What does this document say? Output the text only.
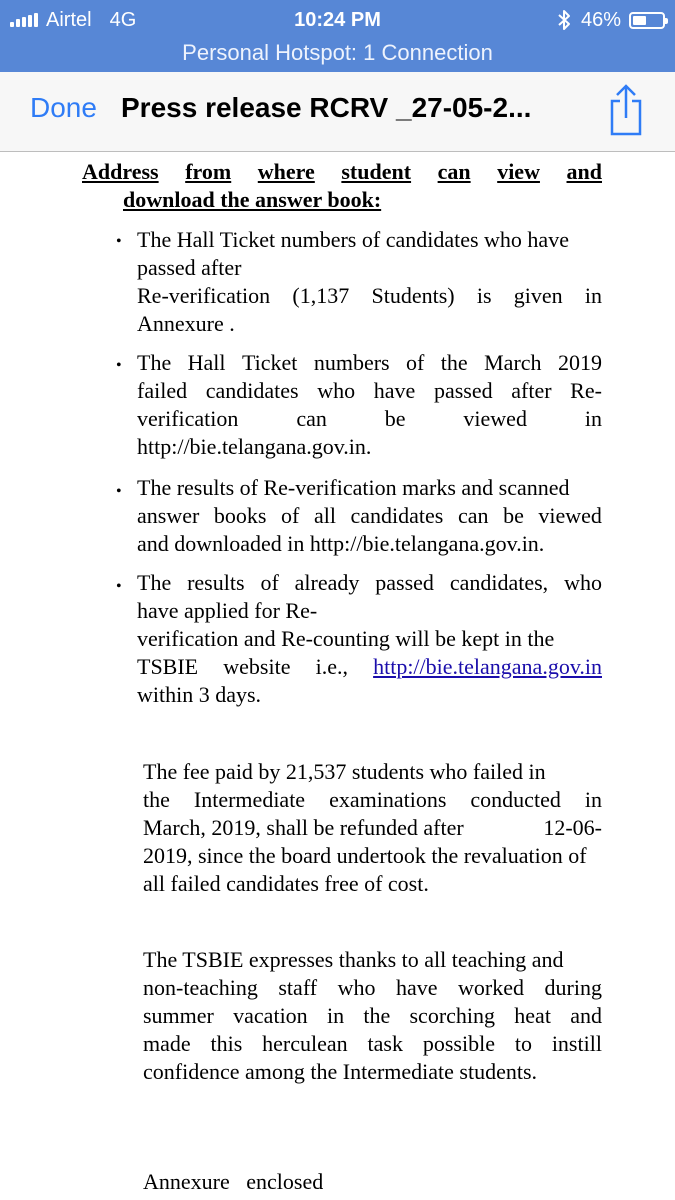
Airtel 4G	10:24 PM	46%
Personal Hotspot: 1 Connection
Done Press release RCRV _27-05-2...
Address from where student can view and
download the answer book:
• The Hall Ticket numbers of candidates who have
passed after
Re-verification (1,137 Students) is given in
Annexure .
• The Hall Ticket numbers of the March 2019
failed candidates who have passed after Re-
verification	can	be	viewed	in
http://bie.telangana.gov.in.
• The results of Re-verification marks and scanned
answer books of all candidates can be viewed
and downloaded in http://bie.telangana.gov.in.
• The results of already passed candidates, who
have applied for Re-
verification and Re-counting will be kept in the
TSBIE website i.e., http://bie.telangana.gov.in
within 3 days.
The fee paid by 21,537 students who failed in
the Intermediate examinations conducted in
March, 2019, shall be refunded after	12-06-
2019, since the board undertook the revaluation of all failed candidates free of cost.
The TSBIE expresses thanks to all teaching and
non-teaching staff who have worked during
summer vacation in the scorching heat and
made this herculean task possible to instill
confidence among the Intermediate students.
Annexure   enclosed
